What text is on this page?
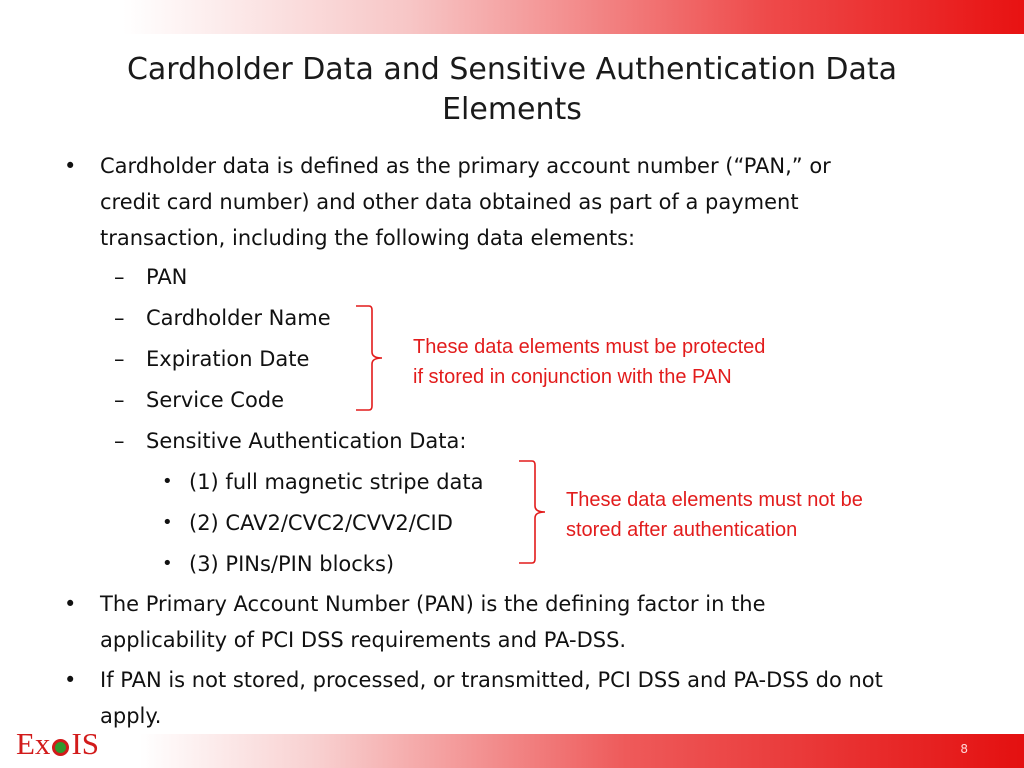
Cardholder Data and Sensitive Authentication Data
Elements
• Cardholder data is defined as the primary account number (“PAN,” or
credit card number) and other data obtained as part of a payment
transaction, including the following data elements:
– PAN
– Cardholder Name
– Expiration Date
– Service Code
– Sensitive Authentication Data:
• (1) full magnetic stripe data
• (2) CAV2/CVC2/CVV2/CID
• (3) PINs/PIN blocks)
• The Primary Account Number (PAN) is the defining factor in the
applicability of PCI DSS requirements and PA-DSS.
• If PAN is not stored, processed, or transmitted, PCI DSS and PA-DSS do not
apply.
These data elements must be protected
if stored in conjunction with the PAN
These data elements must not be
stored after authentication
Ex IS	8
